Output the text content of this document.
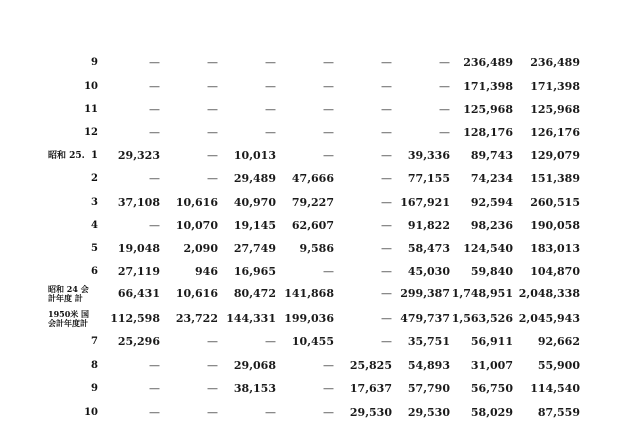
9	—	—	—	—	—	—	236,489	236,489
10	—	—	—	—	—	—	171,398	171,398
11	—	—	—	—	—	—	125,968	125,968
12	—	—	—	—	—	—	128,176	126,176
昭和 25. 1	29,323	—	10,013	—	—	39,336	89,743	129,079
2	—	—	29,489	47,666	—	77,155	74,234	151,389
3	37,108	10,616	40,970	79,227	— 167,921	92,594	260,515
4	—	10,070	19,145	62,607	—	91,822	98,236	190,058
5	19,048	2,090	27,749	9,586	—	58,473	124,540	183,013
6	27,119	946	16,965	—	—	45,030	59,840	104,870
昭和 24 会
計年度 計	66,431	10,616	80,472 141,868	— 299,387 1,748,951 2,048,338
1950米 国
会計年度計	112,598	23,722 144,331 199,036	— 479,737 1,563,526 2,045,943
7	25,296	—	—	10,455	—	35,751	56,911	92,662
8	—	—	29,068	—	25,825	54,893	31,007	55,900
9	—	—	38,153	—	17,637	57,790	56,750	114,540
10	—	—	—	—	29,530	29,530	58,029	87,559
